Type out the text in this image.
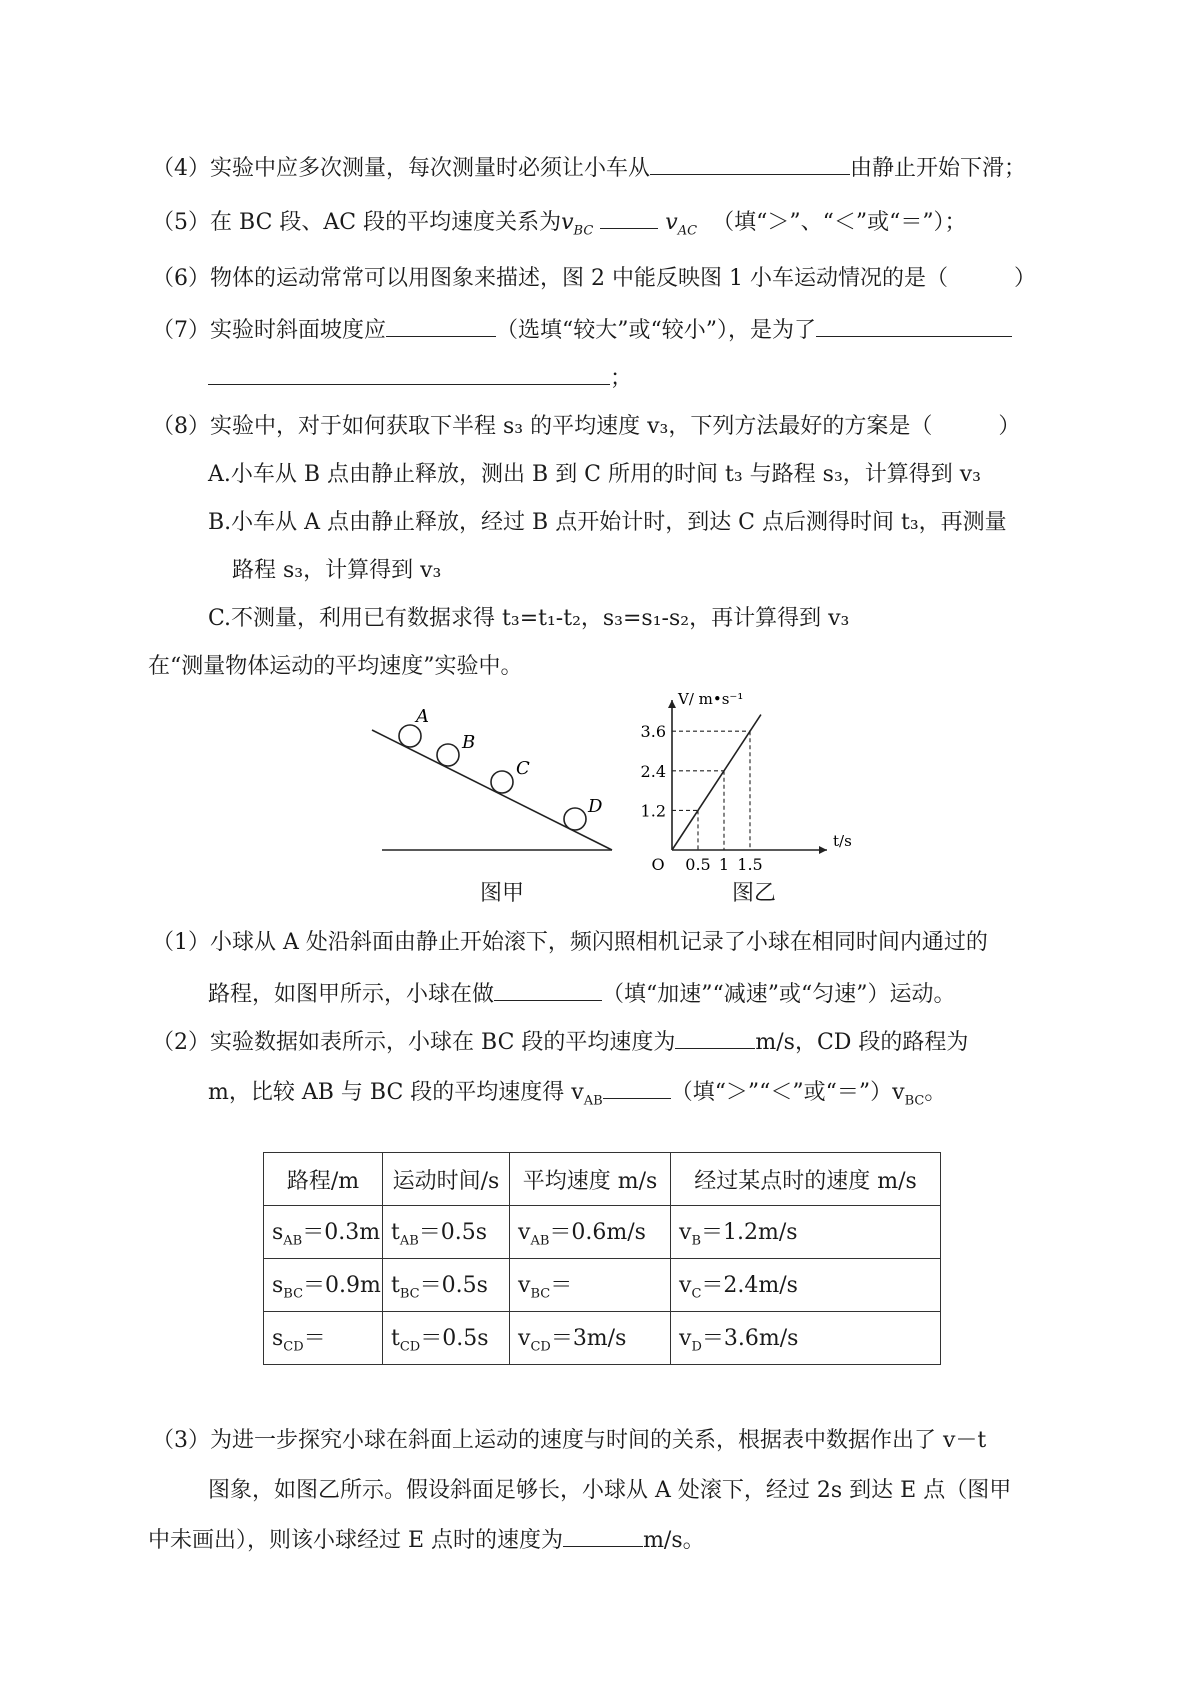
（4）实验中应多次测量，每次测量时必须让小车从	由静止开始下滑；
（5）在 BC 段、AC 段的平均速度关系为$v_{BC}$	$v_{AC}$ （填“＞”、“＜”或“＝”）；
（6）物体的运动常常可以用图象来描述，图 2 中能反映图 1 小车运动情况的是（　　　）
（7）实验时斜面坡度应	（选填“较大”或“较小”），是为了
；
（8）实验中，对于如何获取下半程 s₃ 的平均速度 v₃，下列方法最好的方案是（　　　）
A.小车从 B 点由静止释放，测出 B 到 C 所用的时间 t₃ 与路程 s₃，计算得到 v₃
B.小车从 A 点由静止释放，经过 B 点开始计时，到达 C 点后测得时间 t₃，再测量
路程 s₃，计算得到 v₃
C.不测量，利用已有数据求得 t₃=t₁-t₂，s₃=s₁-s₂，再计算得到 v₃
在“测量物体运动的平均速度”实验中。
A
B
C
D
0.5 1 1.5
1.2
2.4
3.6
O
t/s
V/ m•s⁻¹
图甲	图乙
（1）小球从 A 处沿斜面由静止开始滚下，频闪照相机记录了小球在相同时间内通过的
路程，如图甲所示，小球在做	（填“加速”“减速”或“匀速”）运动。
（2）实验数据如表所示，小球在 BC 段的平均速度为	m/s，CD 段的路程为
m，比较 AB 与 BC 段的平均速度得 $v_{AB}$	（填“＞”“＜”或“$=”)v_{BC}$。
路程/m	运动时间/s	平均速度 m/s	经过某点时的速度 m/s
$s_{AB}=0.3m$	$t_{AB}=0.5s$	$v_{AB}=0.6m/s$	$v_B=1.2m/s$
$s_{BC}=0.9m$	$t_{BC}=0.5s$	$v_{BC}=$	$v_C=2.4m/s$
$s_{CD}=$	$t_{CD}=0.5s$	$v_{CD}=3m/s$	$v_D=3.6m/s$
（3）为进一步探究小球在斜面上运动的速度与时间的关系，根据表中数据作出了 v－t
图象，如图乙所示。假设斜面足够长，小球从 A 处滚下，经过 2s 到达 E 点（图甲
中未画出），则该小球经过 E 点时的速度为	m/s。
